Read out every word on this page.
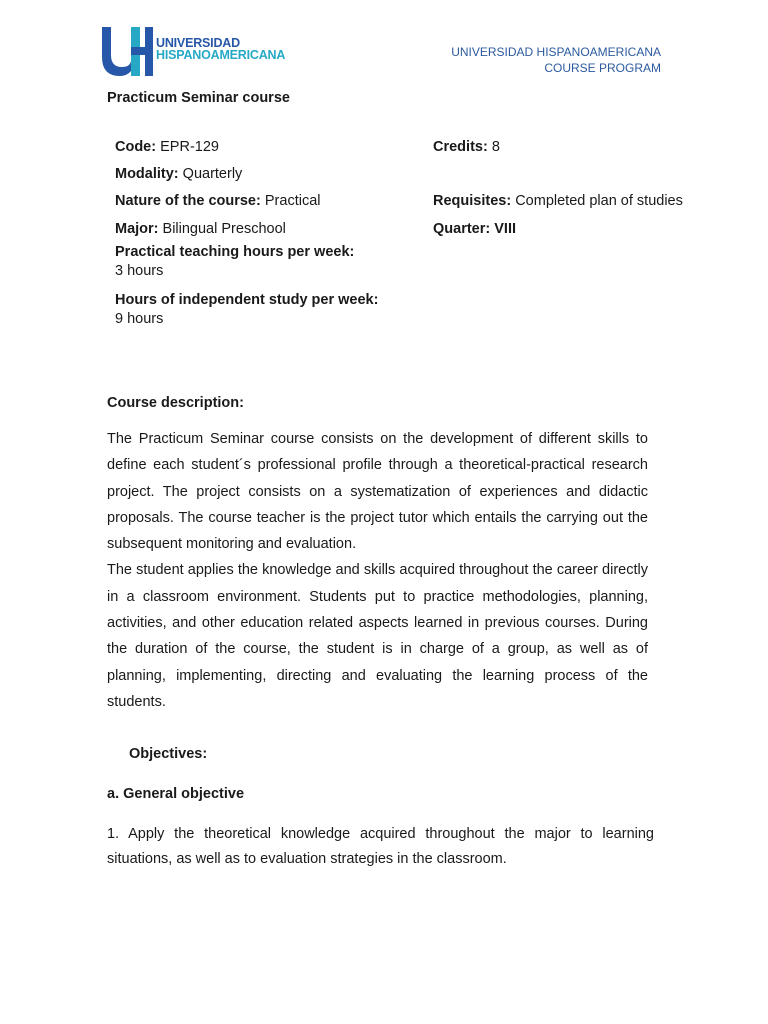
UNIVERSIDAD
HISPANOAMERICANA	UNIVERSIDAD HISPANOAMERICANA
COURSE PROGRAM
Practicum Seminar course
Code: EPR-129	Credits: 8
Modality: Quarterly
Nature of the course: Practical	Requisites: Completed plan of studies
Major: Bilingual Preschool	Quarter: VIII
Practical teaching hours per week:
3 hours
Hours of independent study per week:
9 hours
Course description:

The Practicum Seminar course consists on the development of different skills to define each student´s professional profile through a theoretical-practical research project. The project consists on a systematization of experiences and didactic proposals. The course teacher is the project tutor which entails the carrying out the subsequent monitoring and evaluation.

The student applies the knowledge and skills acquired throughout the career directly in a classroom environment. Students put to practice methodologies, planning, activities, and other education related aspects learned in previous courses. During the duration of the course, the student is in charge of a group, as well as of planning, implementing, directing and evaluating the learning process of the students.

Objectives:
a. General objective
1. Apply the theoretical knowledge acquired throughout the major to learning situations, as well as to evaluation strategies in the classroom.
